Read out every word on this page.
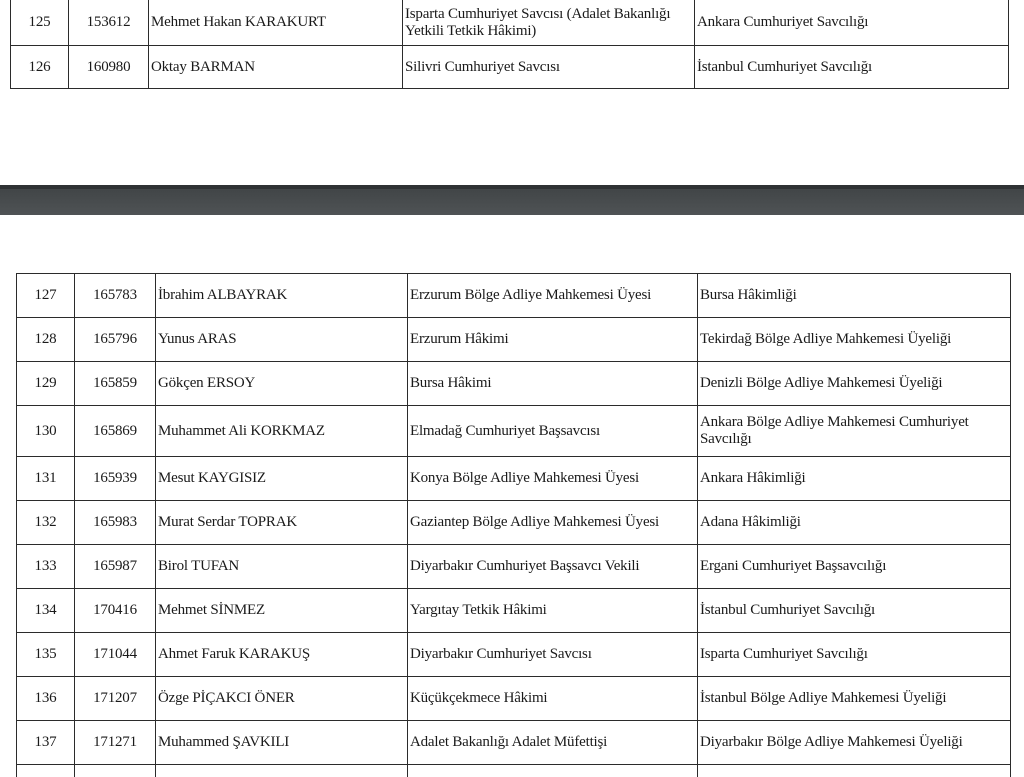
125	153612	Mehmet Hakan KARAKURT	Isparta Cumhuriyet Savcısı (Adalet Bakanlığı Yetkili Tetkik Hâkimi)	Ankara Cumhuriyet Savcılığı
126	160980	Oktay BARMAN	Silivri Cumhuriyet Savcısı	İstanbul Cumhuriyet Savcılığı
127	165783	İbrahim ALBAYRAK	Erzurum Bölge Adliye Mahkemesi Üyesi	Bursa Hâkimliği
128	165796	Yunus ARAS	Erzurum Hâkimi	Tekirdağ Bölge Adliye Mahkemesi Üyeliği
129	165859	Gökçen ERSOY	Bursa Hâkimi	Denizli Bölge Adliye Mahkemesi Üyeliği
130	165869	Muhammet Ali KORKMAZ	Elmadağ Cumhuriyet Başsavcısı	Ankara Bölge Adliye Mahkemesi Cumhuriyet Savcılığı
131	165939	Mesut KAYGISIZ	Konya Bölge Adliye Mahkemesi Üyesi	Ankara Hâkimliği
132	165983	Murat Serdar TOPRAK	Gaziantep Bölge Adliye Mahkemesi Üyesi	Adana Hâkimliği
133	165987	Birol TUFAN	Diyarbakır Cumhuriyet Başsavcı Vekili	Ergani Cumhuriyet Başsavcılığı
134	170416	Mehmet SİNMEZ	Yargıtay Tetkik Hâkimi	İstanbul Cumhuriyet Savcılığı
135	171044	Ahmet Faruk KARAKUŞ	Diyarbakır Cumhuriyet Savcısı	Isparta Cumhuriyet Savcılığı
136	171207	Özge PİÇAKCI ÖNER	Küçükçekmece Hâkimi	İstanbul Bölge Adliye Mahkemesi Üyeliği
137	171271	Muhammed ŞAVKILI	Adalet Bakanlığı Adalet Müfettişi	Diyarbakır Bölge Adliye Mahkemesi Üyeliği
